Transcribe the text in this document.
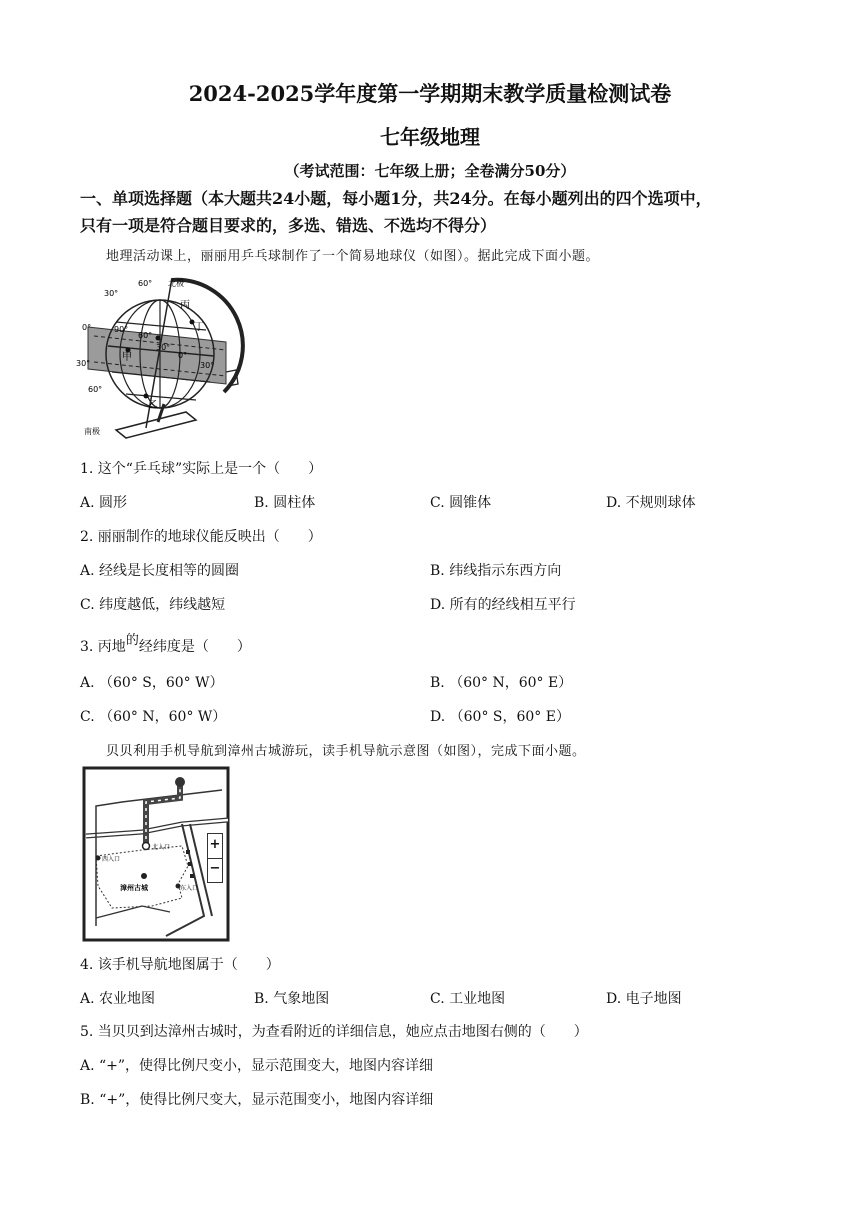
2024-2025学年度第一学期期末教学质量检测试卷
七年级地理
（考试范围：七年级上册；全卷满分50分）
一、单项选择题（本大题共24小题，每小题1分，共24分。在每小题列出的四个选项中，
只有一项是符合题目要求的，多选、错选、不选均不得分）
地理活动课上，丽丽用乒乓球制作了一个简易地球仪（如图）。据此完成下面小题。
北极
南极
30°
0°
30°
60°
60°
90°
60°
30°
0°
30°
甲
乙
丙
丁
1. 这个“乒乓球”实际上是一个（　　）
A. 圆形	B. 圆柱体	C. 圆锥体	D. 不规则球体
2. 丽丽制作的地球仪能反映出（　　）
A. 经线是长度相等的圆圈	B. 纬线指示东西方向
C. 纬度越低，纬线越短	D. 所有的经线相互平行
3. 丙地的经纬度是（　　）
A. （60° S，60° W）	B. （60° N，60° E）
C. （60° N，60° W）	D. （60° S，60° E）
贝贝利用手机导航到漳州古城游玩，读手机导航示意图（如图），完成下面小题。
西入口
北入口
东入口
漳州古城
+
−
4. 该手机导航地图属于（　　）
A. 农业地图	B. 气象地图	C. 工业地图	D. 电子地图
5. 当贝贝到达漳州古城时，为查看附近的详细信息，她应点击地图右侧的（　　）
A. “+”，使得比例尺变小，显示范围变大，地图内容详细
B. “+”，使得比例尺变大，显示范围变小，地图内容详细
